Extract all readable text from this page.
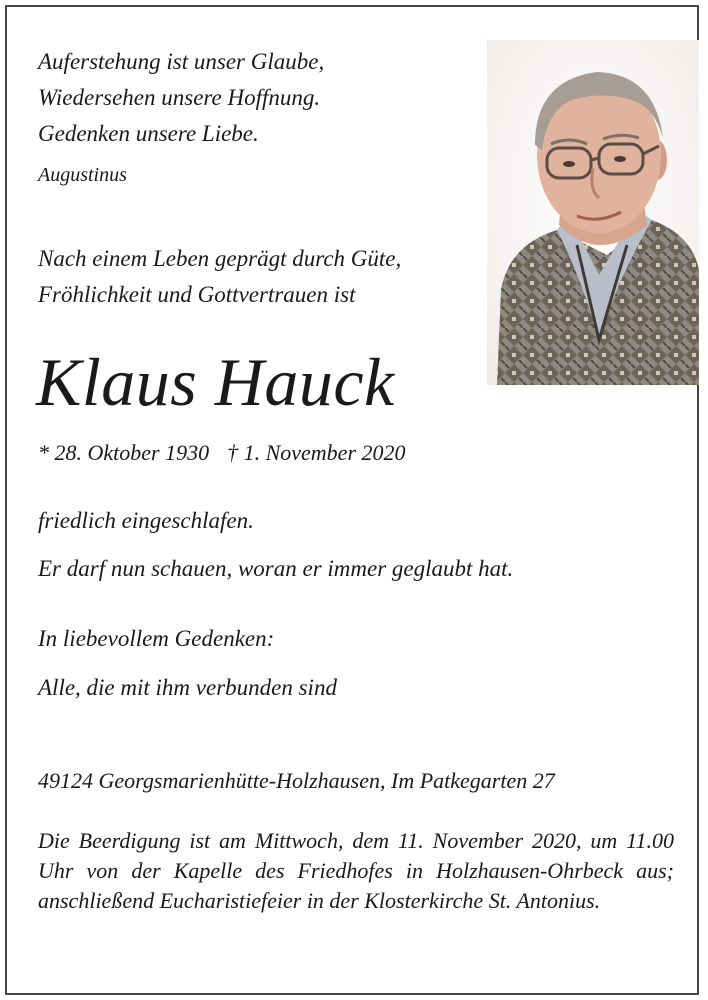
Auferstehung ist unser Glaube,
Wiedersehen unsere Hoffnung.
Gedenken unsere Liebe.
Augustinus
Nach einem Leben geprägt durch Güte,
Fröhlichkeit und Gottvertrauen ist
Klaus Hauck
* 28. Oktober 1930 † 1. November 2020
friedlich eingeschlafen.
Er darf nun schauen, woran er immer geglaubt hat.
In liebevollem Gedenken:
Alle, die mit ihm verbunden sind
49124 Georgsmarienhütte-Holzhausen, Im Patkegarten 27
Die Beerdigung ist am Mittwoch, dem 11. November 2020, um 11.00 Uhr von der Kapelle des Friedhofes in Holzhausen-Ohrbeck aus; anschließend Eucharistiefeier in der Klosterkirche St. Antonius.
